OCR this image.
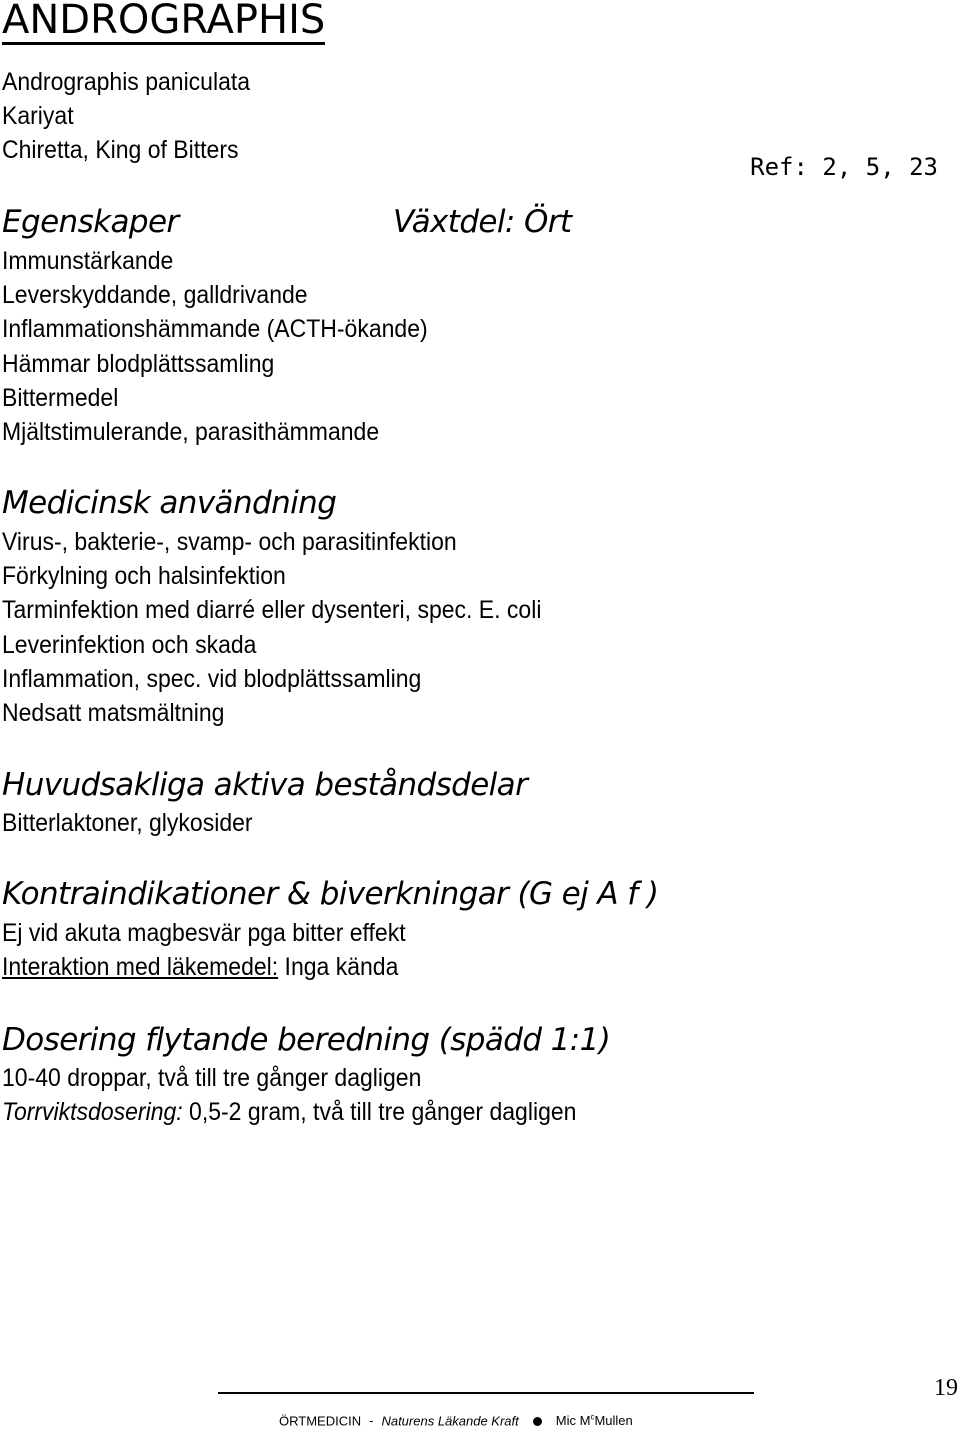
ANDROGRAPHIS
Andrographis paniculata
Kariyat
Chiretta, King of Bitters
Ref: 2, 5, 23
Egenskaper	Växtdel: Ört
Immunstärkande
Leverskyddande, galldrivande
Inflammationshämmande (ACTH-ökande)
Hämmar blodplättssamling
Bittermedel
Mjältstimulerande, parasithämmande
Medicinsk användning
Virus-, bakterie-, svamp- och parasitinfektion
Förkylning och halsinfektion
Tarminfektion med diarré eller dysenteri, spec. E. coli
Leverinfektion och skada
Inflammation, spec. vid blodplättssamling
Nedsatt matsmältning
Huvudsakliga aktiva beståndsdelar
Bitterlaktoner, glykosider
Kontraindikationer & biverkningar (G ej A f )
Ej vid akuta magbesvär pga bitter effekt
Interaktion med läkemedel: Inga kända
Dosering flytande beredning (spädd 1:1)
10-40 droppar, två till tre gånger dagligen
Torrviktsdosering: 0,5-2 gram, två till tre gånger dagligen
ÖRTMEDICIN - Naturens Läkande Kraft	Mic $M^cMullen$
19
